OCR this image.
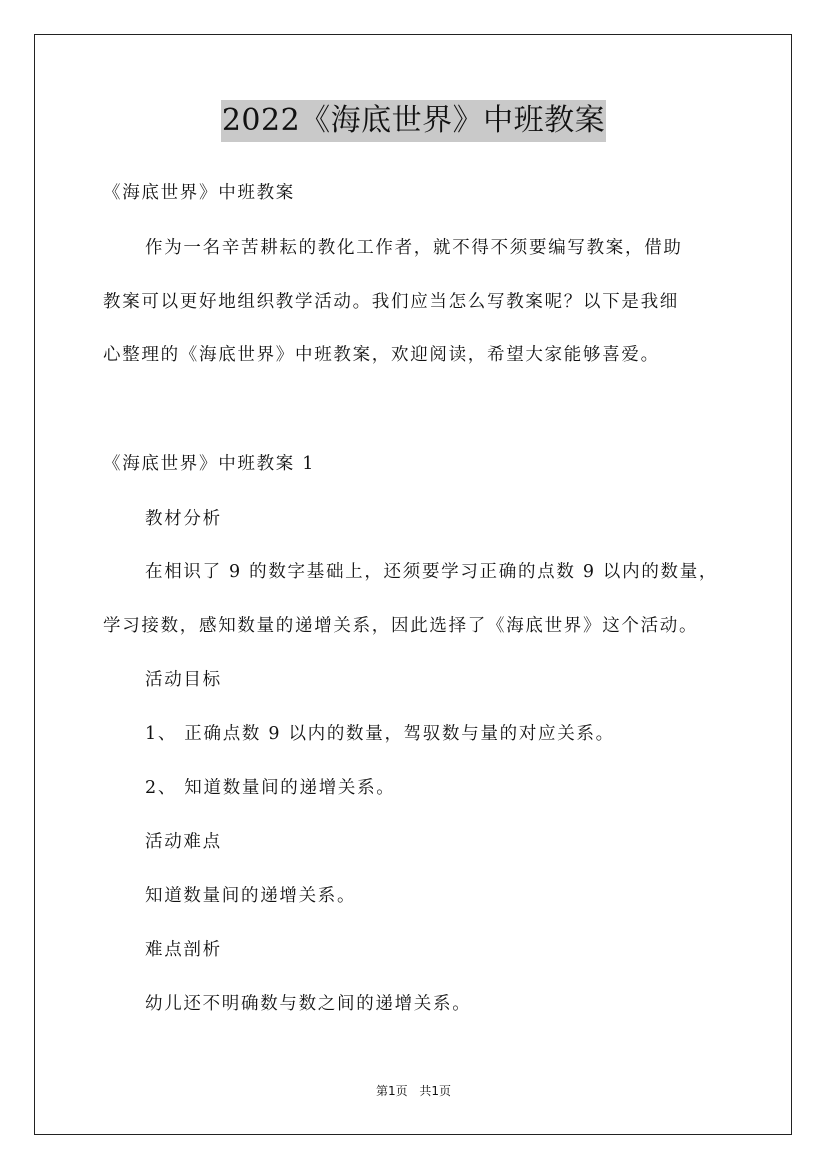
2022《海底世界》中班教案
《海底世界》中班教案
作为一名辛苦耕耘的教化工作者，就不得不须要编写教案，借助
教案可以更好地组织教学活动。我们应当怎么写教案呢？以下是我细
心整理的《海底世界》中班教案，欢迎阅读，希望大家能够喜爱。
《海底世界》中班教案 1
教材分析
在相识了 9 的数字基础上，还须要学习正确的点数 9 以内的数量，
学习接数，感知数量的递增关系，因此选择了《海底世界》这个活动。
活动目标
1、 正确点数 9 以内的数量，驾驭数与量的对应关系。
2、 知道数量间的递增关系。
活动难点
知道数量间的递增关系。
难点剖析
幼儿还不明确数与数之间的递增关系。
第1页 共1页
